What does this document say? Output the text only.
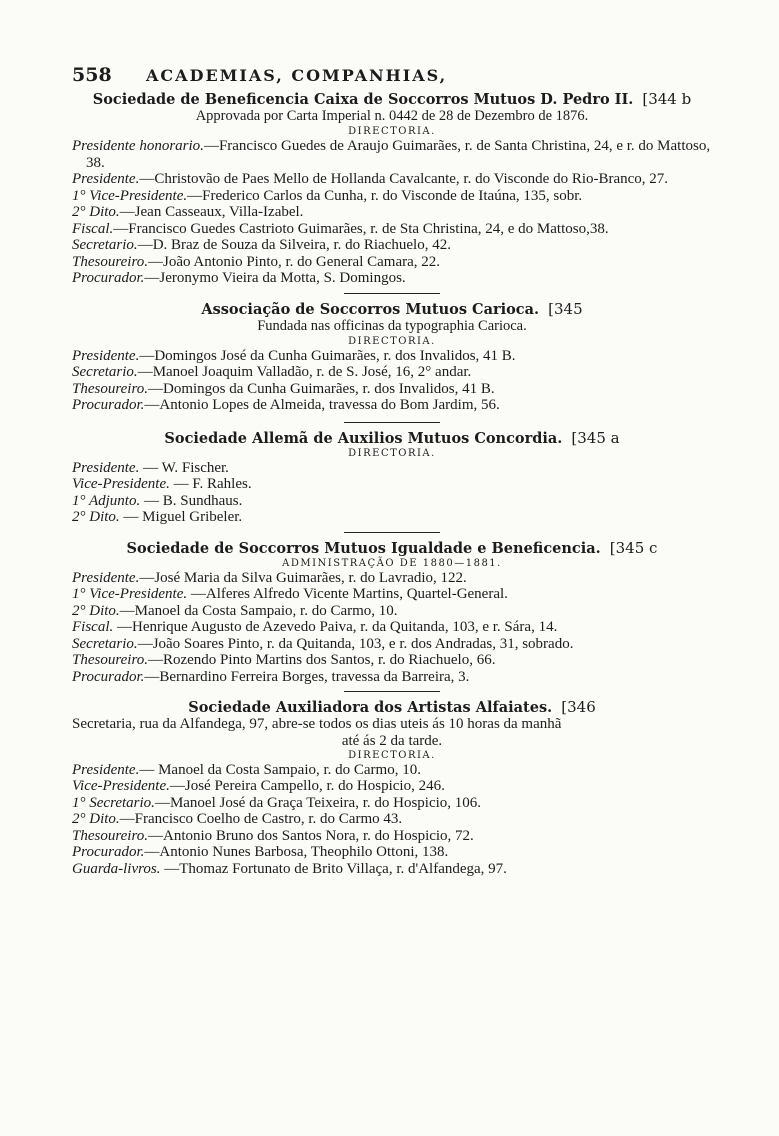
558	ACADEMIAS, COMPANHIAS,
Sociedade de Beneficencia Caixa de Soccorros Mutuos D. Pedro II. [344 b
Approvada por Carta Imperial n. 0442 de 28 de Dezembro de 1876.
DIRECTORIA.
Presidente honorario.—Francisco Guedes de Araujo Guimarães, r. de Santa Christina, 24, e r. do Mattoso, 38.
Presidente.—Christovão de Paes Mello de Hollanda Cavalcante, r. do Visconde do Rio-Branco, 27.
1° Vice-Presidente.—Frederico Carlos da Cunha, r. do Visconde de Itaúna, 135, sobr.
2° Dito.—Jean Casseaux, Villa-Izabel.
Fiscal.—Francisco Guedes Castrioto Guimarães, r. de Sta Christina, 24, e do Mattoso,38.
Secretario.—D. Braz de Souza da Silveira, r. do Riachuelo, 42.
Thesoureiro.—João Antonio Pinto, r. do General Camara, 22.
Procurador.—Jeronymo Vieira da Motta, S. Domingos.
Associação de Soccorros Mutuos Carioca. [345
Fundada nas officinas da typographia Carioca.
DIRECTORIA.
Presidente.—Domingos José da Cunha Guimarães, r. dos Invalidos, 41 B.
Secretario.—Manoel Joaquim Valladão, r. de S. José, 16, 2° andar.
Thesoureiro.—Domingos da Cunha Guimarães, r. dos Invalidos, 41 B.
Procurador.—Antonio Lopes de Almeida, travessa do Bom Jardim, 56.
Sociedade Allemã de Auxilios Mutuos Concordia. [345 a
DIRECTORIA.
Presidente. — W. Fischer.
Vice-Presidente. — F. Rahles.
1° Adjunto. — B. Sundhaus.
2° Dito. — Miguel Gribeler.
Sociedade de Soccorros Mutuos Igualdade e Beneficencia. [345 c
ADMINISTRAÇÃO DE 1880—1881.
Presidente.—José Maria da Silva Guimarães, r. do Lavradio, 122.
1° Vice-Presidente. —Alferes Alfredo Vicente Martins, Quartel-General.
2° Dito.—Manoel da Costa Sampaio, r. do Carmo, 10.
Fiscal. —Henrique Augusto de Azevedo Paiva, r. da Quitanda, 103, e r. Sára, 14.
Secretario.—João Soares Pinto, r. da Quitanda, 103, e r. dos Andradas, 31, sobrado.
Thesoureiro.—Rozendo Pinto Martins dos Santos, r. do Riachuelo, 66.
Procurador.—Bernardino Ferreira Borges, travessa da Barreira, 3.
Sociedade Auxiliadora dos Artistas Alfaiates. [346
Secretaria, rua da Alfandega, 97, abre-se todos os dias uteis ás 10 horas da manhã
até ás 2 da tarde.
DIRECTORIA.
Presidente.— Manoel da Costa Sampaio, r. do Carmo, 10.
Vice-Presidente.—José Pereira Campello, r. do Hospicio, 246.
1° Secretario.—Manoel José da Graça Teixeira, r. do Hospicio, 106.
2° Dito.—Francisco Coelho de Castro, r. do Carmo 43.
Thesoureiro.—Antonio Bruno dos Santos Nora, r. do Hospicio, 72.
Procurador.—Antonio Nunes Barbosa, Theophilo Ottoni, 138.
Guarda-livros. —Thomaz Fortunato de Brito Villaça, r. d'Alfandega, 97.
